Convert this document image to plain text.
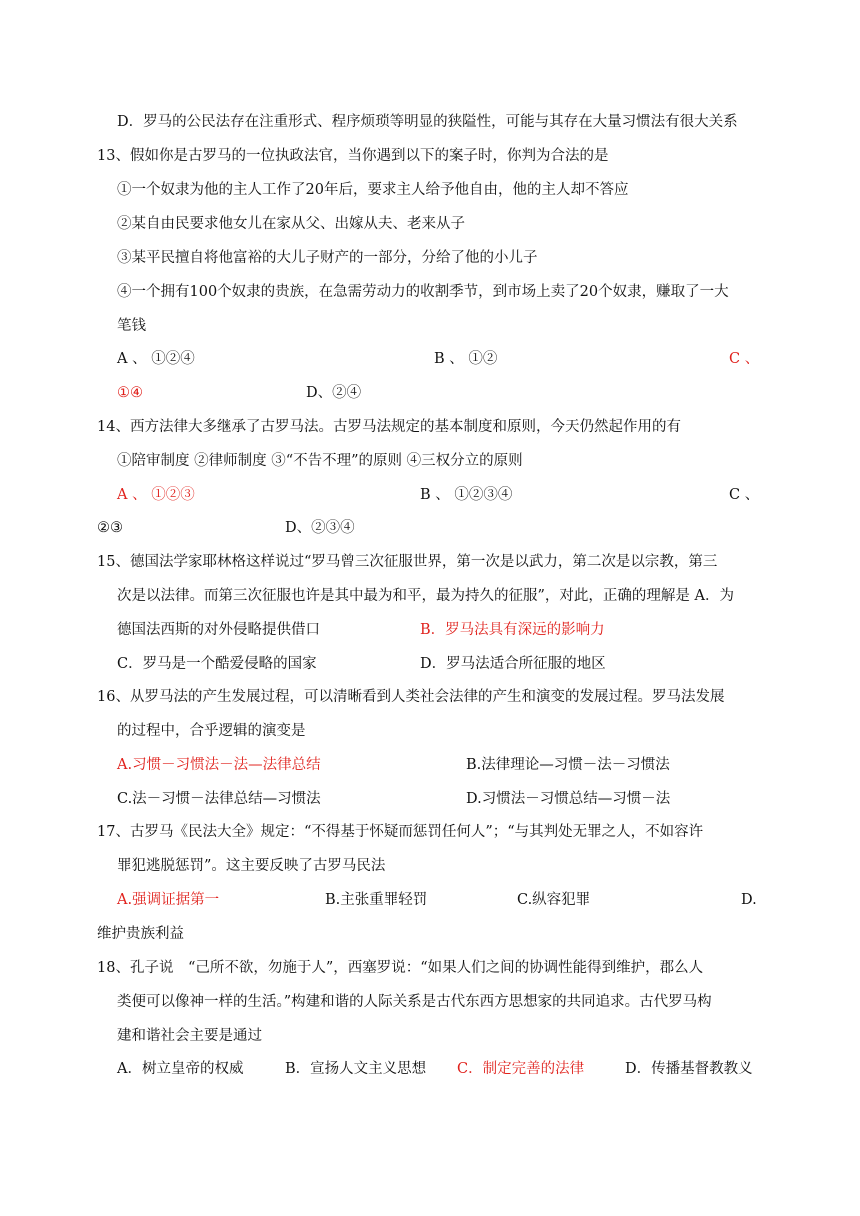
D．罗马的公民法存在注重形式、程序烦琐等明显的狭隘性，可能与其存在大量习惯法有很大关系
13、假如你是古罗马的一位执政法官，当你遇到以下的案子时，你判为合法的是
①一个奴隶为他的主人工作了20年后，要求主人给予他自由，他的主人却不答应
②某自由民要求他女儿在家从父、出嫁从夫、老来从子
③某平民擅自将他富裕的大儿子财产的一部分，分给了他的小儿子
④一个拥有100个奴隶的贵族，在急需劳动力的收割季节，到市场上卖了20个奴隶，赚取了一大
笔钱
A 、 ①②④	B 、 ①②	C 、
①④	D、②④
14、西方法律大多继承了古罗马法。古罗马法规定的基本制度和原则，今天仍然起作用的有
①陪审制度 ②律师制度 ③“不告不理”的原则 ④三权分立的原则
A 、 ①②③	B 、 ①②③④	C 、
②③	D、②③④
15、德国法学家耶林格这样说过“罗马曾三次征服世界，第一次是以武力，第二次是以宗教，第三
次是以法律。而第三次征服也许是其中最为和平，最为持久的征服”，对此，正确的理解是 A．为
德国法西斯的对外侵略提供借口	B．罗马法具有深远的影响力
C．罗马是一个酷爱侵略的国家	D．罗马法适合所征服的地区
16、从罗马法的产生发展过程，可以清晰看到人类社会法律的产生和演变的发展过程。罗马法发展
的过程中，合乎逻辑的演变是
A.习惯－习惯法－法—法律总结	B.法律理论—习惯－法－习惯法
C.法－习惯－法律总结—习惯法	D.习惯法－习惯总结—习惯－法
17、古罗马《民法大全》规定：“不得基于怀疑而惩罚任何人”；“与其判处无罪之人，不如容许
罪犯逃脱惩罚”。这主要反映了古罗马民法
A.强调证据第一	B.主张重罪轻罚	C.纵容犯罪	D.
维护贵族利益
18、孔子说　“己所不欲，勿施于人”，西塞罗说：“如果人们之间的协调性能得到维护，郡么人
类便可以像神一样的生活。”构建和谐的人际关系是古代东西方思想家的共同追求。古代罗马构
建和谐社会主要是通过
A．树立皇帝的权威	B．宣扬人文主义思想 C．制定完善的法律	D．传播基督教教义
